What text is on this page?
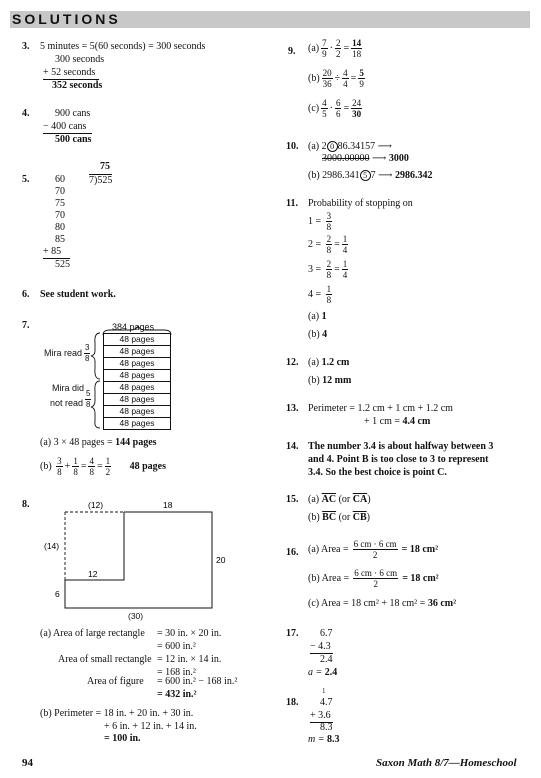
SOLUTIONS
3. 5 minutes = 5(60 seconds) = 300 seconds
300 seconds
+ 52 seconds
352 seconds
4.	900 cans
− 400 cans
500 cans
5.	60
70
75
70
80
85
+ 85
525
75
7)525
6. See student work.
7.	384 pages
48 pages
48 pages
48 pages
48 pages
48 pages
48 pages
48 pages
48 pages
Mira read $\frac{3}{8}$
Mira did
not read $\frac{5}{8}$
(a) 3 × 48 pages = 144 pages
$(b) \frac{3}{8} + \frac{1}{8} = \frac{4}{8} = \frac{1}{2} 48$ pages
8.	(12)	18
(14)
20
12
6
(30)
(a) Area of large rectangle = 30 in. × 20 in.
= 600 in.²
Area of small rectangle = 12 in. × 14 in.
= 168 in.²
Area of figure = 600 in.² − 168 in.²
= 432 in.²
(b) Perimeter = 18 in. + 20 in. + 30 in.
+ 6 in. + 12 in. + 14 in.
= 100 in.
9. $(a) \frac{7}{9} \cdot \frac{2}{2} = \frac{14}{18}$
$(b) \frac{20}{36} \div \frac{4}{4} = \frac{5}{9}$
$(c) \frac{4}{5} \cdot \frac{6}{6} = \frac{24}{30}$
10. (a) 2 0 86.34157 ⟶
3000.00000 ⟶ 3000
(b) 2986.341 5 7 ⟶ 2986.342
11. Probability of stopping on
$1 = \frac{3}{8}$
$2 = \frac{2}{8} = \frac{1}{4}$
$3 = \frac{2}{8} = \frac{1}{4}$
$4 = \frac{1}{8}$
(a) 1
(b) 4
12. (a) 1.2 cm
(b) 12 mm
13. Perimeter = 1.2 cm + 1 cm + 1.2 cm
+ 1 cm = 4.4 cm
14. The number 3.4 is about halfway between 3
and 4. Point B is too close to 3 to represent
3.4. So the best choice is point C.
15. (a) $\overline{AC}$ (or $\overline{CA}$)
(b) $\overline{BC}$ (or $\overline{CB}$)
16. (a) Area = $\frac{6 cm \cdot 6 cm}{2} = 18$ cm²
(b) Area = $\frac{6 cm \cdot 6 cm}{2} = 18$ cm²
(c) Area = 18 cm² + 18 cm² = 36 cm²
17. 6.7
− 4.3
2.4
a = 2.4
18.
1
4.7
+ 3.6
8.3
m = 8.3
94	Saxon Math 8/7—Homeschool
